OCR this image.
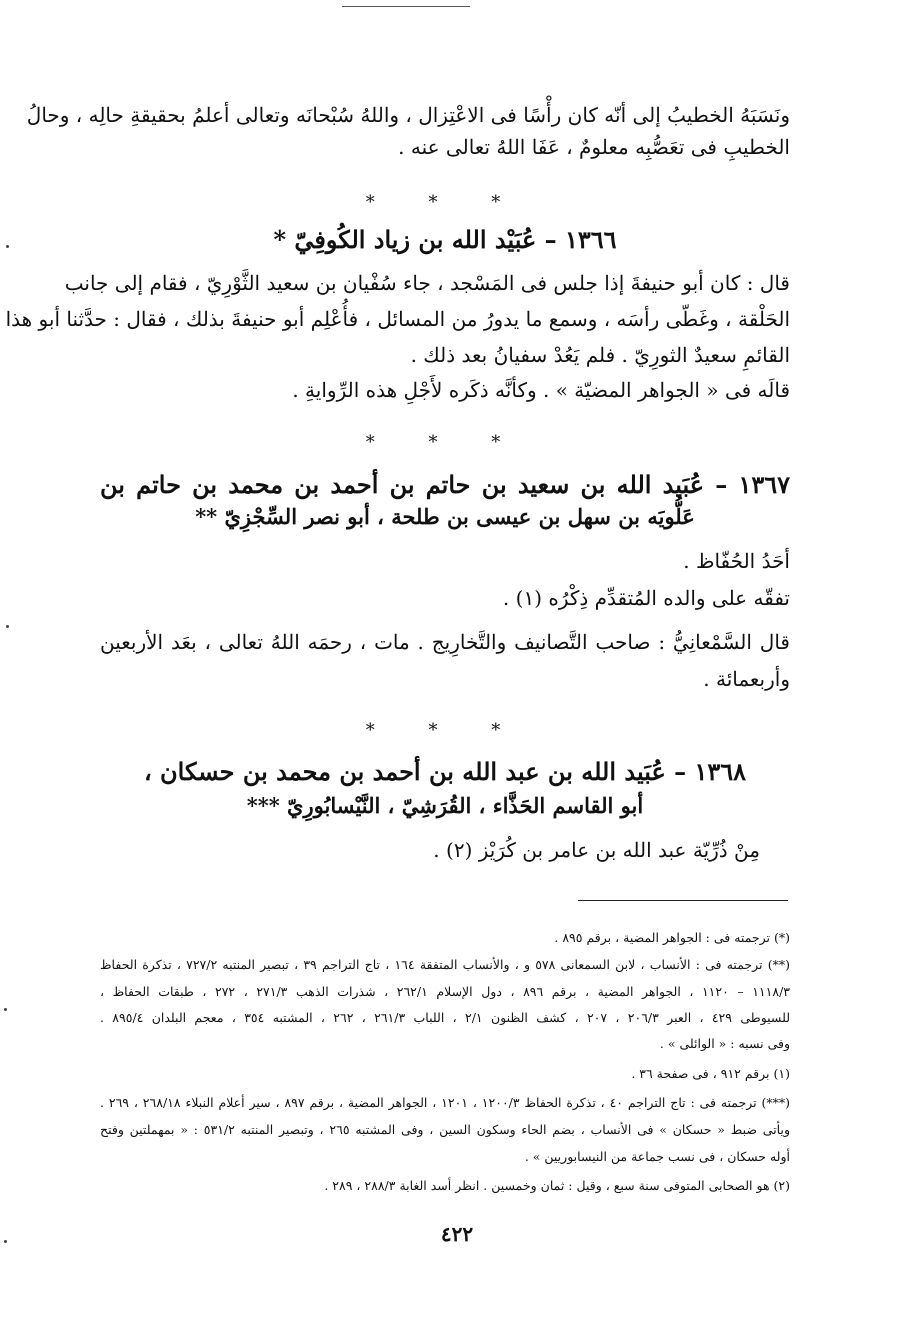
ونَسَبَهُ الخطيبُ إلى أنّه كان رأْسًا فى الاعْتِزال ، واللهُ سُبْحانَه وتعالى أعلمُ بحقيقةِ حالِه ، وحالُ
الخطيبِ فى تعَصُّبِه معلومٌ ، عَفَا اللهُ تعالى عنه .
* * *
١٣٦٦ – عُبَيْد الله بن زياد الكُوفِيّ *
قال : كان أبو حنيفةَ إذا جلس فى المَسْجد ، جاء سُفْيان بن سعيد الثَّوْرِيّ ، فقام إلى جانب
الحَلْقة ، وغَطّى رأسَه ، وسمع ما يدورُ من المسائل ، فأُعْلِم أبو حنيفةَ بذلك ، فقال : حدَّثنا أبو هذا
القائمِ سعيدٌ الثورِيّ . فلم يَعُدْ سفيانُ بعد ذلك .
قالَه فى « الجواهر المضيّة » . وكأنَّه ذكَره لأَجْلِ هذه الرِّوايةِ .
* * *
١٣٦٧ – عُبَيد الله بن سعيد بن حاتم بن أحمد بن محمد بن حاتم بن
عَلُّويَه بن سهل بن عيسى بن طلحة ، أبو نصر السِّجْزِيّ **
أحَدُ الحُفّاظ .
تفقّه على والده المُتقدِّم ذِكْرُه (١) .
قال السَّمْعانِيُّ : صاحب التَّصانيف والتَّخارِيج . مات ، رحمَه اللهُ تعالى ، بعَد الأربعين
وأربعمائة .
* * *
١٣٦٨ – عُبَيد الله بن عبد الله بن أحمد بن محمد بن حسكان ،
أبو القاسم الحَذَّاء ، القُرَشِيّ ، النَّيْسابُورِيّ ***
مِنْ ذُرِّيّة عبد الله بن عامر بن كُرَيْز (٢) .
(*) ترجمته فى : الجواهر المضية ، برقم ٨٩٥ .
(**) ترجمته فى : الأنساب ، لابن السمعانى ٥٧٨ و ، والأنساب المتفقة ١٦٤ ، تاج التراجم ٣٩ ، تبصير المنتبه ٧٢٧/٢ ، تذكرة الحفاظ
١١١٨/٣ – ١١٢٠ ، الجواهر المضية ، برقم ٨٩٦ ، دول الإسلام ٢٦٢/١ ، شذرات الذهب ٢٧١/٣ ، ٢٧٢ ، طبقات الحفاظ ،
للسيوطى ٤٢٩ ، العبر ٢٠٦/٣ ، ٢٠٧ ، كشف الظنون ٢/١ ، اللباب ٢٦١/٣ ، ٢٦٢ ، المشتبه ٣٥٤ ، معجم البلدان ٨٩٥/٤ .
وفى نسبه : « الوائلى » .
(١) برقم ٩١٢ ، فى صفحة ٣٦ .
(***) ترجمته فى : تاج التراجم ٤٠ ، تذكرة الحفاظ ١٢٠٠/٣ ، ١٢٠١ ، الجواهر المضية ، برقم ٨٩٧ ، سير أعلام النبلاء ٢٦٨/١٨ ، ٢٦٩ .
ويأتى ضبط « حسكان » فى الأنساب ، بضم الحاء وسكون السين ، وفى المشتبه ٢٦٥ ، وتبصير المنتبه ٥٣١/٢ : « بمهملتين وفتح
أوله حسكان ، فى نسب جماعة من النيسابوريين » .
(٢) هو الصحابى المتوفى سنة سبع ، وقيل : ثمان وخمسين . انظر أسد الغابة ٢٨٨/٣ ، ٢٨٩ .
٤٢٢
